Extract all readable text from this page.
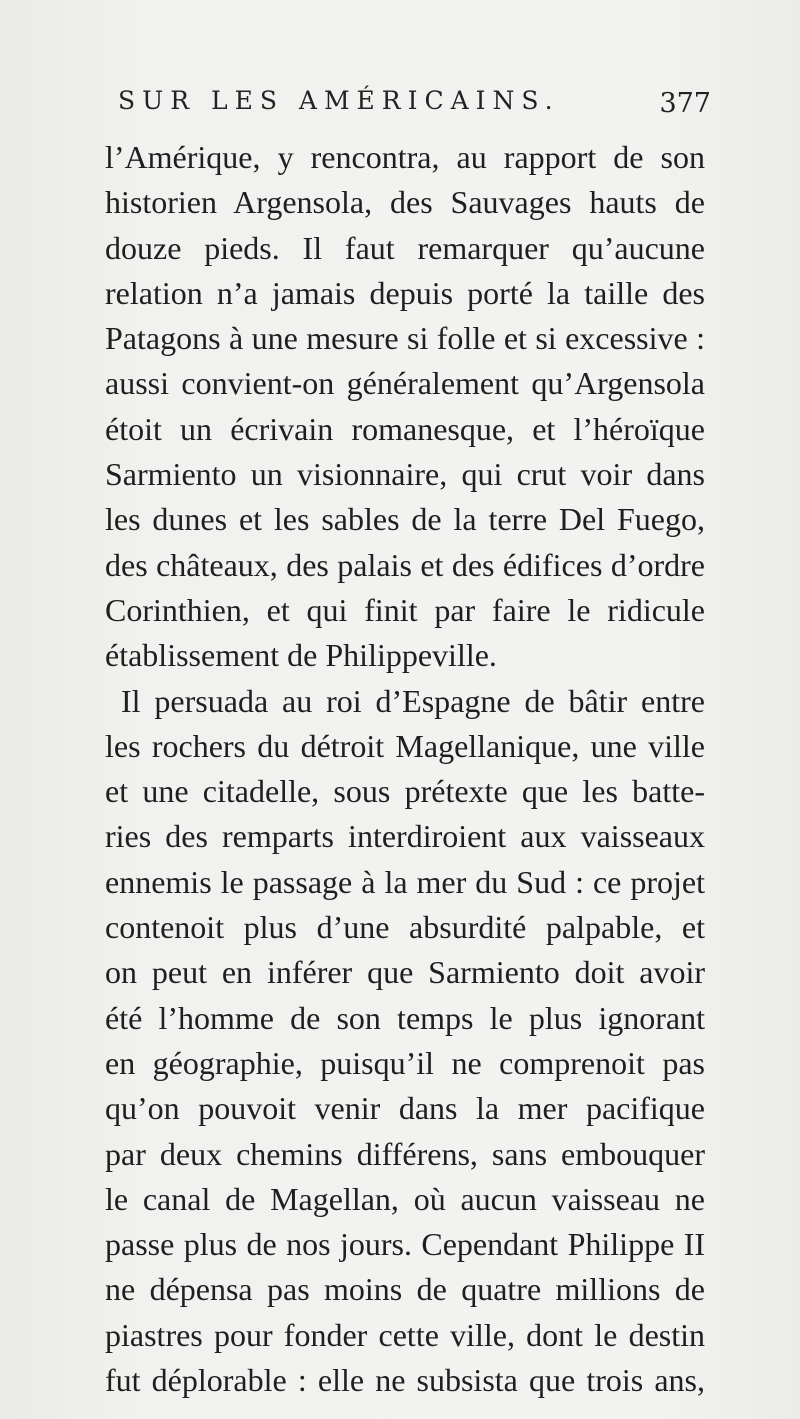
SUR LES AMÉRICAINS.	377
l’Amérique, y rencontra, au rapport de son
historien Argensola, des Sauvages hauts de
douze pieds. Il faut remarquer qu’aucune
relation n’a jamais depuis porté la taille des
Patagons à une mesure si folle et si excessive :
aussi convient-on généralement qu’Argensola
étoit un écrivain romanesque, et l’héroïque
Sarmiento un visionnaire, qui crut voir dans
les dunes et les sables de la terre Del Fuego,
des châteaux, des palais et des édifices d’ordre
Corinthien, et qui finit par faire le ridicule
établissement de Philippeville.
Il persuada au roi d’Espagne de bâtir entre
les rochers du détroit Magellanique, une ville
et une citadelle, sous prétexte que les batte-
ries des remparts interdiroient aux vaisseaux
ennemis le passage à la mer du Sud : ce projet
contenoit plus d’une absurdité palpable, et
on peut en inférer que Sarmiento doit avoir
été l’homme de son temps le plus ignorant
en géographie, puisqu’il ne comprenoit pas
qu’on pouvoit venir dans la mer pacifique
par deux chemins différens, sans embouquer
le canal de Magellan, où aucun vaisseau ne
passe plus de nos jours. Cependant Philippe II
ne dépensa pas moins de quatre millions de
piastres pour fonder cette ville, dont le destin
fut déplorable : elle ne subsista que trois ans,
